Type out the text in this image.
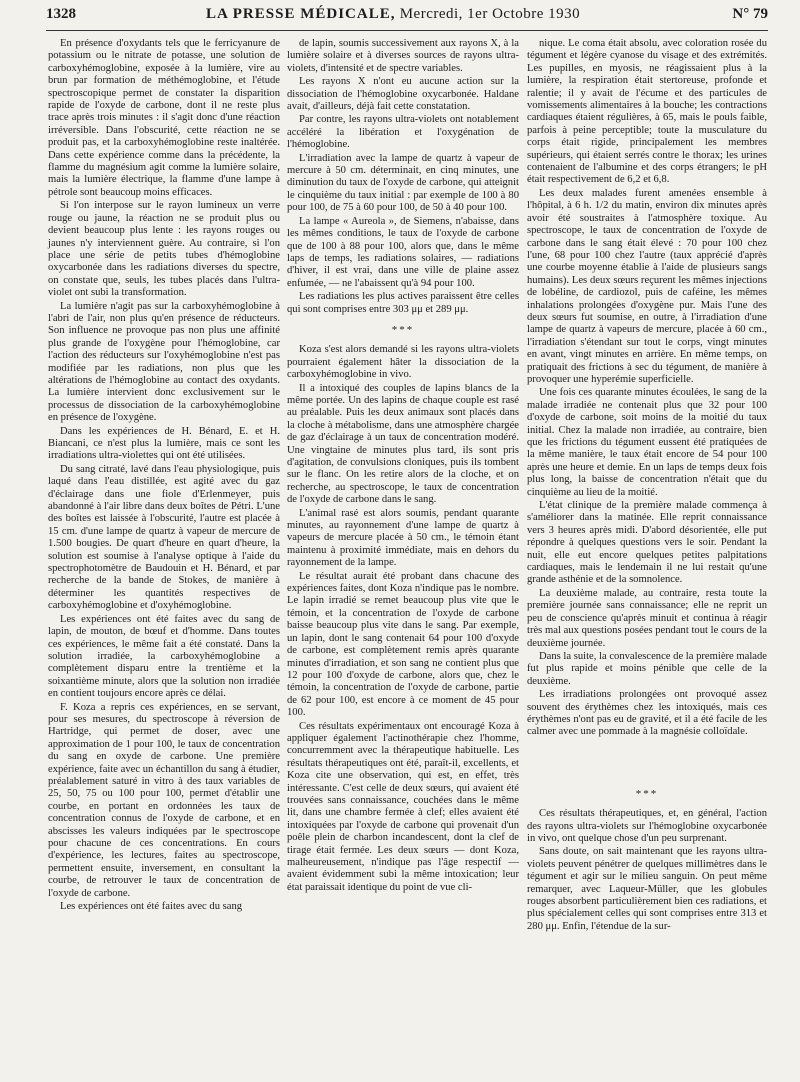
1328	LA PRESSE MÉDICALE, Mercredi, 1er Octobre 1930	N° 79

En présence d'oxydants tels que le ferricyanure de potassium ou le nitrate de potasse, une solution de carboxyhémoglobine, exposée à la lumière, vire au brun par formation de méthémoglobine, et l'étude spectroscopique permet de constater la disparition rapide de l'oxyde de carbone, dont il ne reste plus trace après trois minutes : il s'agit donc d'une réaction irréversible. Dans l'obscurité, cette réaction ne se produit pas, et la carboxyhémoglobine reste inaltérée. Dans cette expérience comme dans la précédente, la flamme du magnésium agit comme la lumière solaire, mais la lumière électrique, la flamme d'une lampe à pétrole sont beaucoup moins efficaces.

Si l'on interpose sur le rayon lumineux un verre rouge ou jaune, la réaction ne se produit plus ou devient beaucoup plus lente : les rayons rouges ou jaunes n'y interviennent guère. Au contraire, si l'on place une série de petits tubes d'hémoglobine oxycarbonée dans les radiations diverses du spectre, on constate que, seuls, les tubes placés dans l'ultra-violet ont subi la transformation.

La lumière n'agit pas sur la carboxyhémoglobine à l'abri de l'air, non plus qu'en présence de réducteurs. Son influence ne provoque pas non plus une affinité plus grande de l'oxygène pour l'hémoglobine, car l'action des réducteurs sur l'oxyhémoglobine n'est pas modifiée par les radiations, non plus que les altérations de l'hémoglobine au contact des oxydants. La lumière intervient donc exclusivement sur le processus de dissociation de la carboxyhémoglobine en présence de l'oxygène.

Dans les expériences de H. Bénard, E. et H. Biancani, ce n'est plus la lumière, mais ce sont les irradiations ultra-violettes qui ont été utilisées.

Du sang citraté, lavé dans l'eau physiologique, puis laqué dans l'eau distillée, est agité avec du gaz d'éclairage dans une fiole d'Erlenmeyer, puis abandonné à l'air libre dans deux boîtes de Pétri. L'une des boîtes est laissée à l'obscurité, l'autre est placée à 15 cm. d'une lampe de quartz à vapeur de mercure de 1.500 bougies. De quart d'heure en quart d'heure, la solution est soumise à l'analyse optique à l'aide du spectrophotomètre de Baudouin et H. Bénard, et par recherche de la bande de Stokes, de manière à déterminer les quantités respectives de carboxyhémoglobine et d'oxyhémoglobine.

Les expériences ont été faites avec du sang de lapin, de mouton, de bœuf et d'homme. Dans toutes ces expériences, le même fait a été constaté. Dans la solution irradiée, la carboxyhémoglobine a complètement disparu entre la trentième et la soixantième minute, alors que la solution non irradiée en contient toujours encore après ce délai.

F. Koza a repris ces expériences, en se servant, pour ses mesures, du spectroscope à réversion de Hartridge, qui permet de doser, avec une approximation de 1 pour 100, le taux de concentration du sang en oxyde de carbone. Une première expérience, faite avec un échantillon du sang à étudier, préalablement saturé in vitro à des taux variables de 25, 50, 75 ou 100 pour 100, permet d'établir une courbe, en portant en ordonnées les taux de concentration connus de l'oxyde de carbone, et en abscisses les valeurs indiquées par le spectroscope pour chacune de ces concentrations. En cours d'expérience, les lectures, faites au spectroscope, permettent ensuite, inversement, en consultant la courbe, de retrouver le taux de concentration de l'oxyde de carbone.

Les expériences ont été faites avec du sang

de lapin, soumis successivement aux rayons X, à la lumière solaire et à diverses sources de rayons ultra-violets, d'intensité et de spectre variables.

Les rayons X n'ont eu aucune action sur la dissociation de l'hémoglobine oxycarbonée. Haldane avait, d'ailleurs, déjà fait cette constatation.

Par contre, les rayons ultra-violets ont notablement accéléré la libération et l'oxygénation de l'hémoglobine.

L'irradiation avec la lampe de quartz à vapeur de mercure à 50 cm. déterminait, en cinq minutes, une diminution du taux de l'oxyde de carbone, qui atteignit le cinquième du taux initial : par exemple de 100 à 80 pour 100, de 75 à 60 pour 100, de 50 à 40 pour 100.

La lampe « Aureola », de Siemens, n'abaisse, dans les mêmes conditions, le taux de l'oxyde de carbone que de 100 à 88 pour 100, alors que, dans le même laps de temps, les radiations solaires, — radiations d'hiver, il est vrai, dans une ville de plaine assez enfumée, — ne l'abaissent qu'à 94 pour 100.

Les radiations les plus actives paraissent être celles qui sont comprises entre 303 μμ et 289 μμ.

***

Koza s'est alors demandé si les rayons ultra-violets pourraient également hâter la dissociation de la carboxyhémoglobine in vivo.

Il a intoxiqué des couples de lapins blancs de la même portée. Un des lapins de chaque couple est rasé au préalable. Puis les deux animaux sont placés dans la cloche à métabolisme, dans une atmosphère chargée de gaz d'éclairage à un taux de concentration modéré. Une vingtaine de minutes plus tard, ils sont pris d'agitation, de convulsions cloniques, puis ils tombent sur le flanc. On les retire alors de la cloche, et on recherche, au spectroscope, le taux de concentration de l'oxyde de carbone dans le sang.

L'animal rasé est alors soumis, pendant quarante minutes, au rayonnement d'une lampe de quartz à vapeurs de mercure placée à 50 cm., le témoin étant maintenu à proximité immédiate, mais en dehors du rayonnement de la lampe.

Le résultat aurait été probant dans chacune des expériences faites, dont Koza n'indique pas le nombre. Le lapin irradié se remet beaucoup plus vite que le témoin, et la concentration de l'oxyde de carbone baisse beaucoup plus vite dans le sang. Par exemple, un lapin, dont le sang contenait 64 pour 100 d'oxyde de carbone, est complètement remis après quarante minutes d'irradiation, et son sang ne contient plus que 12 pour 100 d'oxyde de carbone, alors que, chez le témoin, la concentration de l'oxyde de carbone, partie de 62 pour 100, est encore à ce moment de 45 pour 100.

Ces résultats expérimentaux ont encouragé Koza à appliquer également l'actinothérapie chez l'homme, concurremment avec la thérapeutique habituelle. Les résultats thérapeutiques ont été, paraît-il, excellents, et Koza cite une observation, qui est, en effet, très intéressante. C'est celle de deux sœurs, qui avaient été trouvées sans connaissance, couchées dans le même lit, dans une chambre fermée à clef; elles avaient été intoxiquées par l'oxyde de carbone qui provenait d'un poêle plein de charbon incandescent, dont la clef de tirage était fermée. Les deux sœurs — dont Koza, malheureusement, n'indique pas l'âge respectif — avaient évidemment subi la même intoxication; leur état paraissait identique du point de vue cli-

nique. Le coma était absolu, avec coloration rosée du tégument et légère cyanose du visage et des extrémités. Les pupilles, en myosis, ne réagissaient plus à la lumière, la respiration était stertoreuse, profonde et ralentie; il y avait de l'écume et des particules de vomissements alimentaires à la bouche; les contractions cardiaques étaient régulières, à 65, mais le pouls faible, parfois à peine perceptible; toute la musculature du corps était rigide, principalement les membres supérieurs, qui étaient serrés contre le thorax; les urines contenaient de l'albumine et des corps étrangers; le pH était respectivement de 6,2 et 6,8.

Les deux malades furent amenées ensemble à l'hôpital, à 6 h. 1/2 du matin, environ dix minutes après avoir été soustraites à l'atmosphère toxique. Au spectroscope, le taux de concentration de l'oxyde de carbone dans le sang était élevé : 70 pour 100 chez l'une, 68 pour 100 chez l'autre (taux apprécié d'après une courbe moyenne établie à l'aide de plusieurs sangs humains). Les deux sœurs reçurent les mêmes injections de lobéline, de cardiozol, puis de caféine, les mêmes inhalations prolongées d'oxygène pur. Mais l'une des deux sœurs fut soumise, en outre, à l'irradiation d'une lampe de quartz à vapeurs de mercure, placée à 60 cm., l'irradiation s'étendant sur tout le corps, vingt minutes en avant, vingt minutes en arrière. En même temps, on pratiquait des frictions à sec du tégument, de manière à provoquer une hyperémie superficielle.

Une fois ces quarante minutes écoulées, le sang de la malade irradiée ne contenait plus que 32 pour 100 d'oxyde de carbone, soit moins de la moitié du taux initial. Chez la malade non irradiée, au contraire, bien que les frictions du tégument eussent été pratiquées de la même manière, le taux était encore de 54 pour 100 après une heure et demie. En un laps de temps deux fois plus long, la baisse de concentration n'était que du cinquième au lieu de la moitié.

L'état clinique de la première malade commença à s'améliorer dans la matinée. Elle reprit connaissance vers 3 heures après midi. D'abord désorientée, elle put répondre à quelques questions vers le soir. Pendant la nuit, elle eut encore quelques petites palpitations cardiaques, mais le lendemain il ne lui restait qu'une grande asthénie et de la somnolence.

La deuxième malade, au contraire, resta toute la première journée sans connaissance; elle ne reprit un peu de conscience qu'après minuit et continua à réagir très mal aux questions posées pendant tout le cours de la deuxième journée.

Dans la suite, la convalescence de la première malade fut plus rapide et moins pénible que celle de la deuxième.

Les irradiations prolongées ont provoqué assez souvent des érythèmes chez les intoxiqués, mais ces érythèmes n'ont pas eu de gravité, et il a été facile de les calmer avec une pommade à la magnésie colloïdale.

***

Ces résultats thérapeutiques, et, en général, l'action des rayons ultra-violets sur l'hémoglobine oxycarbonée in vivo, ont quelque chose d'un peu surprenant.

Sans doute, on sait maintenant que les rayons ultra-violets peuvent pénétrer de quelques millimètres dans le tégument et agir sur le milieu sanguin. On peut même remarquer, avec Laqueur-Müller, que les globules rouges absorbent particulièrement bien ces radiations, et plus spécialement celles qui sont comprises entre 313 et 280 μμ. Enfin, l'étendue de la sur-
